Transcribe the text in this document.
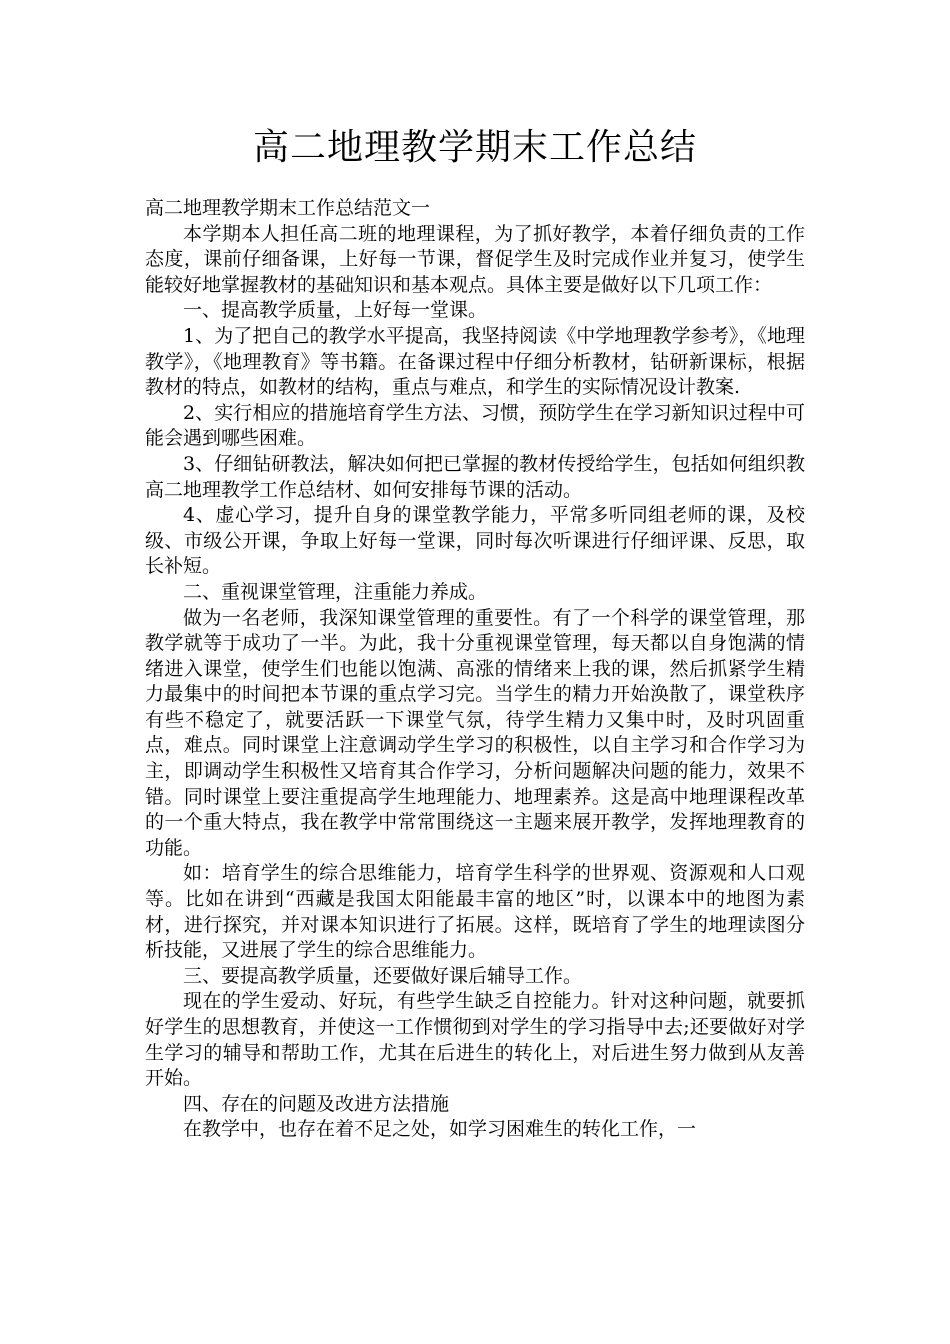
高二地理教学期末工作总结

高二地理教学期末工作总结范文一

本学期本人担任高二班的地理课程，为了抓好教学，本着仔细负责的工作态度，课前仔细备课，上好每一节课，督促学生及时完成作业并复习，使学生能较好地掌握教材的基础知识和基本观点。具体主要是做好以下几项工作：

一、提高教学质量，上好每一堂课。

1、为了把自己的教学水平提高，我坚持阅读《中学地理教学参考》，《地理教学》，《地理教育》等书籍。在备课过程中仔细分析教材，钻研新课标，根据教材的特点，如教材的结构，重点与难点，和学生的实际情况设计教案.

2、实行相应的措施培育学生方法、习惯，预防学生在学习新知识过程中可能会遇到哪些困难。

3、仔细钻研教法，解决如何把已掌握的教材传授给学生，包括如何组织教高二地理教学工作总结材、如何安排每节课的活动。

4、虚心学习，提升自身的课堂教学能力，平常多听同组老师的课，及校级、市级公开课，争取上好每一堂课，同时每次听课进行仔细评课、反思，取长补短。

二、重视课堂管理，注重能力养成。

做为一名老师，我深知课堂管理的重要性。有了一个科学的课堂管理，那教学就等于成功了一半。为此，我十分重视课堂管理，每天都以自身饱满的情绪进入课堂，使学生们也能以饱满、高涨的情绪来上我的课，然后抓紧学生精力最集中的时间把本节课的重点学习完。当学生的精力开始涣散了，课堂秩序有些不稳定了，就要活跃一下课堂气氛，待学生精力又集中时，及时巩固重点，难点。同时课堂上注意调动学生学习的积极性，以自主学习和合作学习为主，即调动学生积极性又培育其合作学习，分析问题解决问题的能力，效果不错。同时课堂上要注重提高学生地理能力、地理素养。这是高中地理课程改革的一个重大特点，我在教学中常常围绕这一主题来展开教学，发挥地理教育的功能。

如：培育学生的综合思维能力，培育学生科学的世界观、资源观和人口观等。比如在讲到“西藏是我国太阳能最丰富的地区”时，以课本中的地图为素材，进行探究，并对课本知识进行了拓展。这样，既培育了学生的地理读图分析技能，又进展了学生的综合思维能力。

三、要提高教学质量，还要做好课后辅导工作。

现在的学生爱动、好玩，有些学生缺乏自控能力。针对这种问题，就要抓好学生的思想教育，并使这一工作惯彻到对学生的学习指导中去;还要做好对学生学习的辅导和帮助工作，尤其在后进生的转化上，对后进生努力做到从友善开始。

四、存在的问题及改进方法措施

在教学中，也存在着不足之处，如学习困难生的转化工作，一
